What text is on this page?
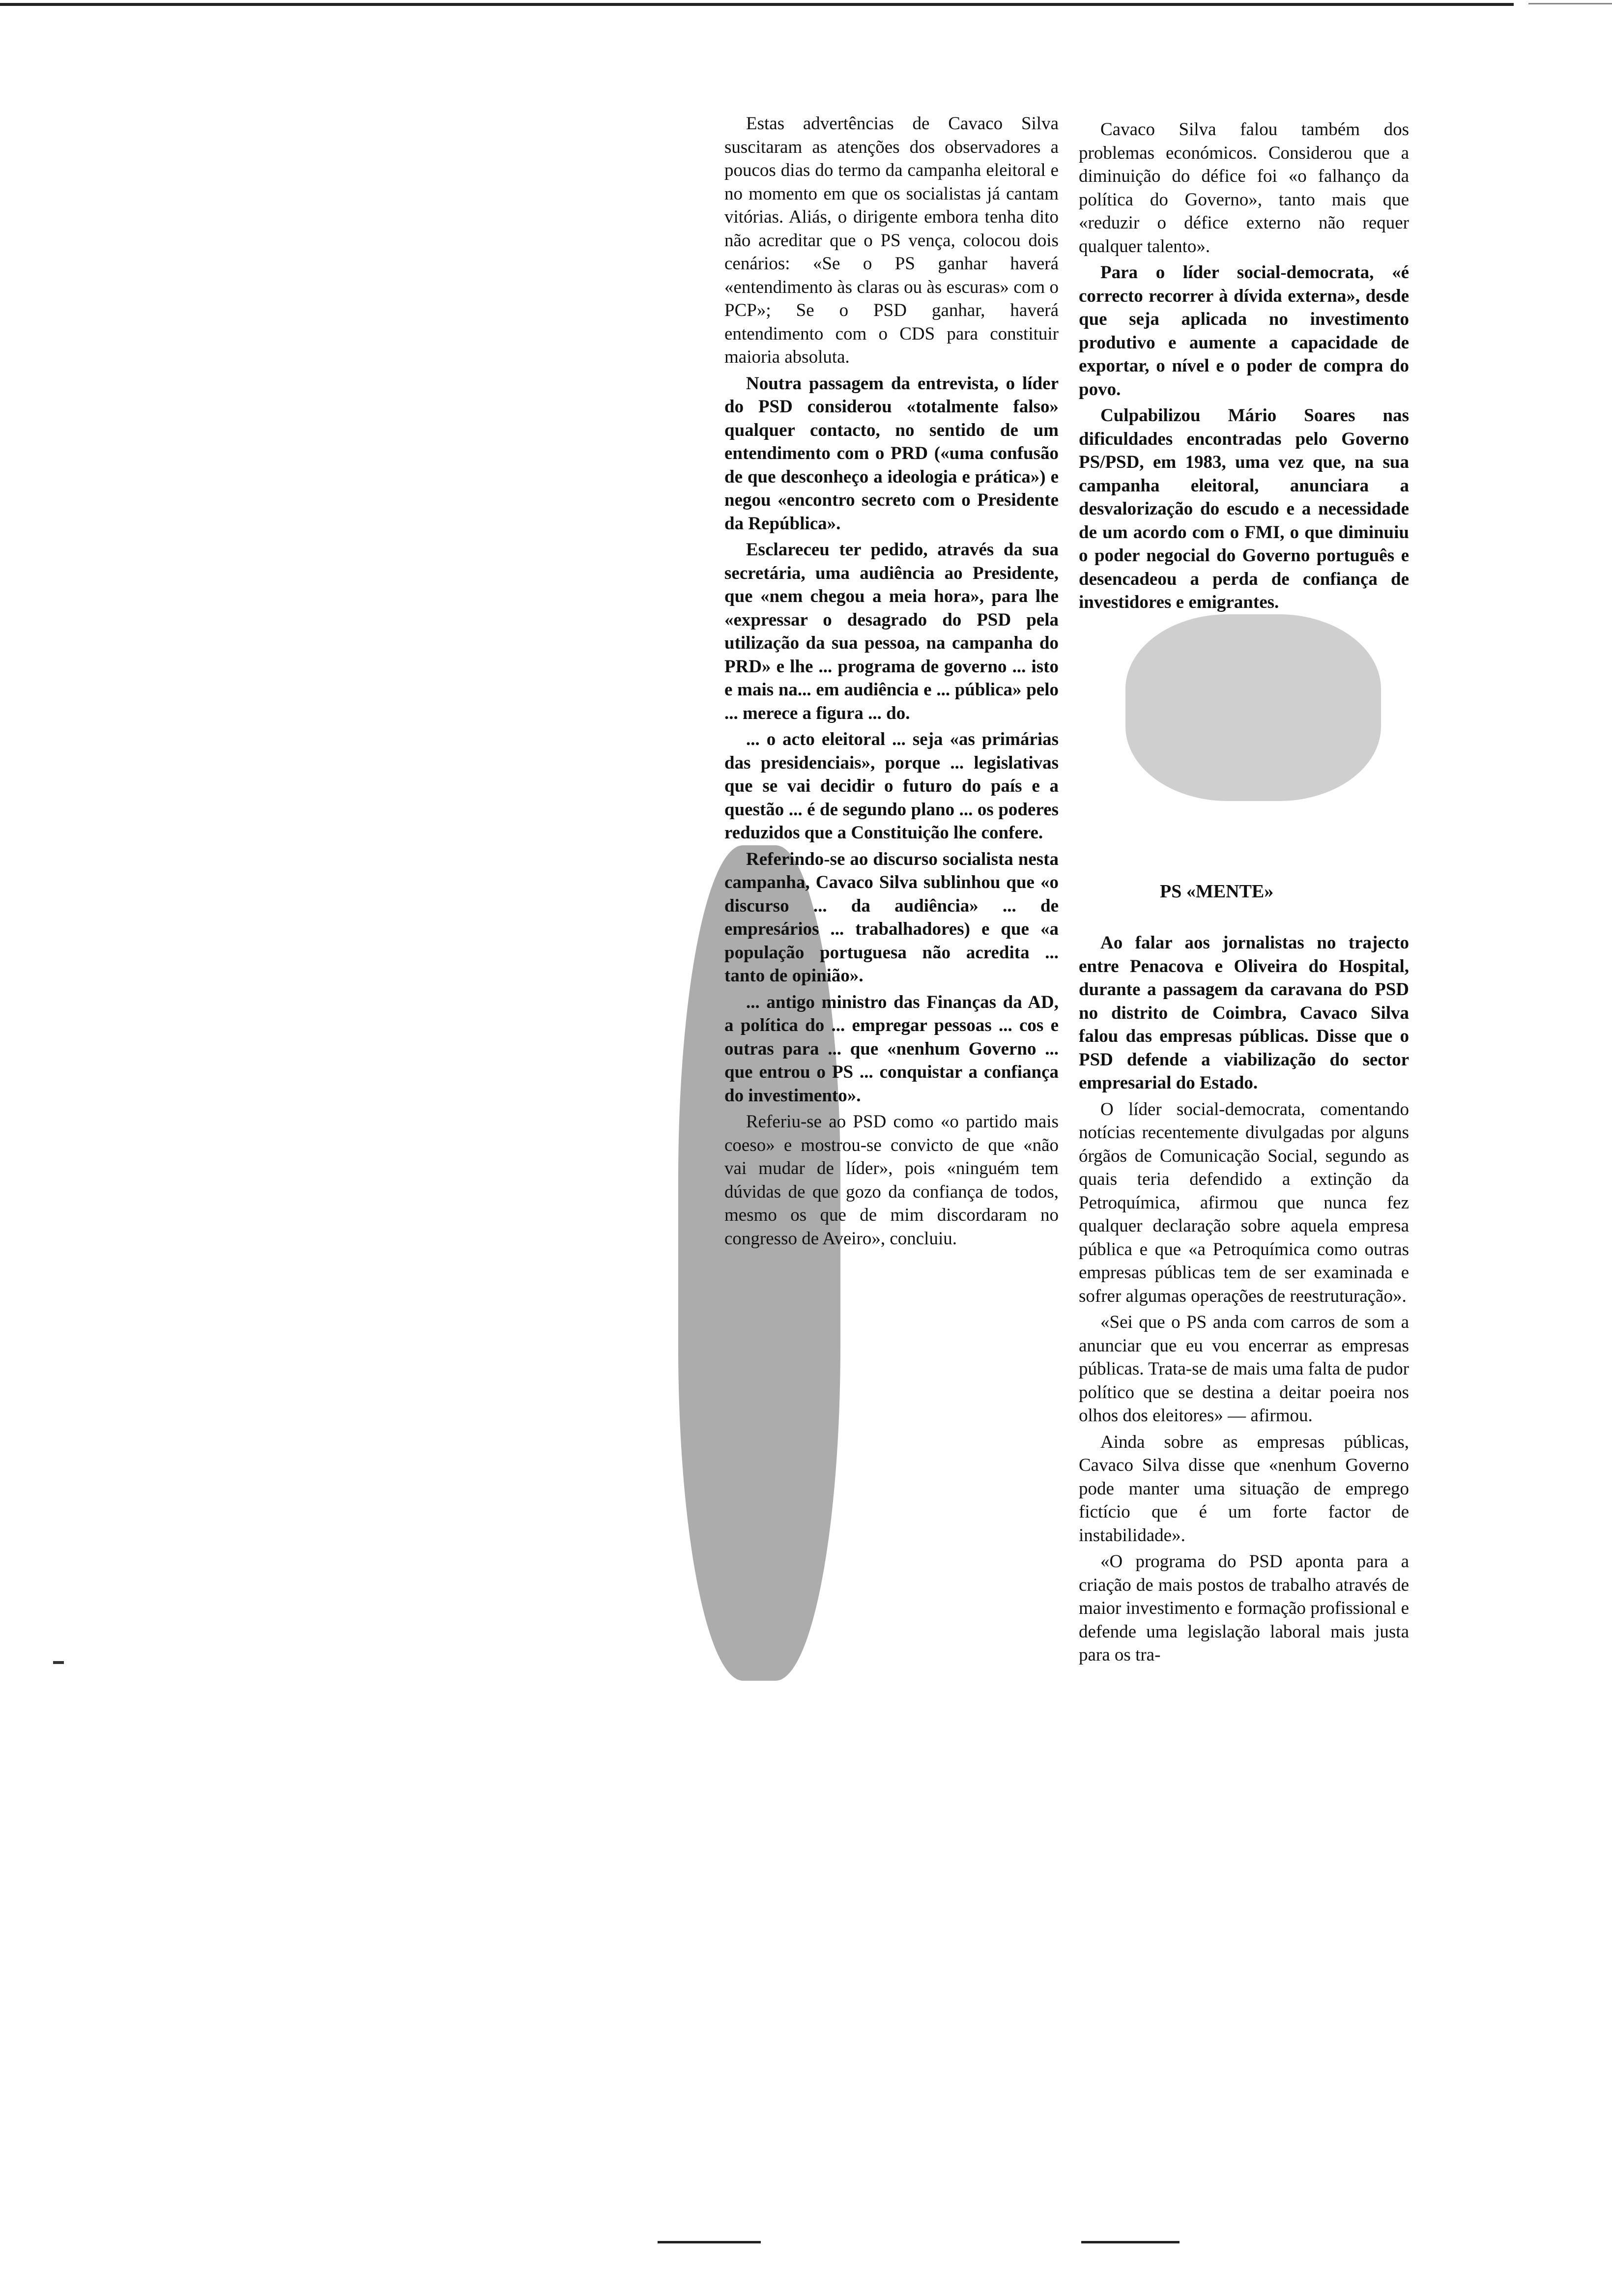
Estas advertências de Cavaco Silva suscitaram as atenções dos observadores a poucos dias do termo da campanha eleitoral e no momento em que os socialistas já cantam vitórias. Aliás, o dirigente embora tenha dito não acreditar que o PS vença, colocou dois cenários: «Se o PS ganhar haverá «entendimento às claras ou às escuras» com o PCP»; Se o PSD ganhar, haverá entendimento com o CDS para constituir maioria absoluta.

Noutra passagem da entrevista, o líder do PSD considerou «totalmente falso» qualquer contacto, no sentido de um entendimento com o PRD («uma confusão de que desconheço a ideologia e prática») e negou «encontro secreto com o Presidente da República».

Esclareceu ter pedido, através da sua secretária, uma audiência ao Presidente, que «nem chegou a meia hora», para lhe «expressar o desagrado do PSD pela utilização da sua pessoa, na campanha do PRD» e lhe ... programa de governo ... isto e mais na... em audiência e ... pública» pelo ... merece a figura ... do.

... o acto eleitoral ... seja «as primárias das presidenciais», porque ... legislativas que se vai decidir o futuro do país e a questão ... é de segundo plano ... os poderes reduzidos que a Constituição lhe confere.

Referindo-se ao discurso socialista nesta campanha, Cavaco Silva sublinhou que «o discurso ... da audiência» ... de empresários ... trabalhadores) e que «a população portuguesa não acredita ... tanto de opinião».

... antigo ministro das Finanças da AD, a política do ... empregar pessoas ... cos e outras para ... que «nenhum Governo ... que entrou o PS ... conquistar a confiança do investimento».

Referiu-se ao PSD como «o partido mais coeso» e mostrou-se convicto de que «não vai mudar de líder», pois «ninguém tem dúvidas de que gozo da confiança de todos, mesmo os que de mim discordaram no congresso de Aveiro», concluiu.

Cavaco Silva falou também dos problemas económicos. Considerou que a diminuição do défice foi «o falhanço da política do Governo», tanto mais que «reduzir o défice externo não requer qualquer talento».

Para o líder social-democrata, «é correcto recorrer à dívida externa», desde que seja aplicada no investimento produtivo e aumente a capacidade de exportar, o nível e o poder de compra do povo.

Culpabilizou Mário Soares nas dificuldades encontradas pelo Governo PS/PSD, em 1983, uma vez que, na sua campanha eleitoral, anunciara a desvalorização do escudo e a necessidade de um acordo com o FMI, o que diminuiu o poder negocial do Governo português e desencadeou a perda de confiança de investidores e emigrantes.

PS «MENTE»

Ao falar aos jornalistas no trajecto entre Penacova e Oliveira do Hospital, durante a passagem da caravana do PSD no distrito de Coimbra, Cavaco Silva falou das empresas públicas. Disse que o PSD defende a viabilização do sector empresarial do Estado.

O líder social-democrata, comentando notícias recentemente divulgadas por alguns órgãos de Comunicação Social, segundo as quais teria defendido a extinção da Petroquímica, afirmou que nunca fez qualquer declaração sobre aquela empresa pública e que «a Petroquímica como outras empresas públicas tem de ser examinada e sofrer algumas operações de reestruturação».

«Sei que o PS anda com carros de som a anunciar que eu vou encerrar as empresas públicas. Trata-se de mais uma falta de pudor político que se destina a deitar poeira nos olhos dos eleitores» — afirmou.

Ainda sobre as empresas públicas, Cavaco Silva disse que «nenhum Governo pode manter uma situação de emprego fictício que é um forte factor de instabilidade».

«O programa do PSD aponta para a criação de mais postos de trabalho através de maior investimento e formação profissional e defende uma legislação laboral mais justa para os tra-
